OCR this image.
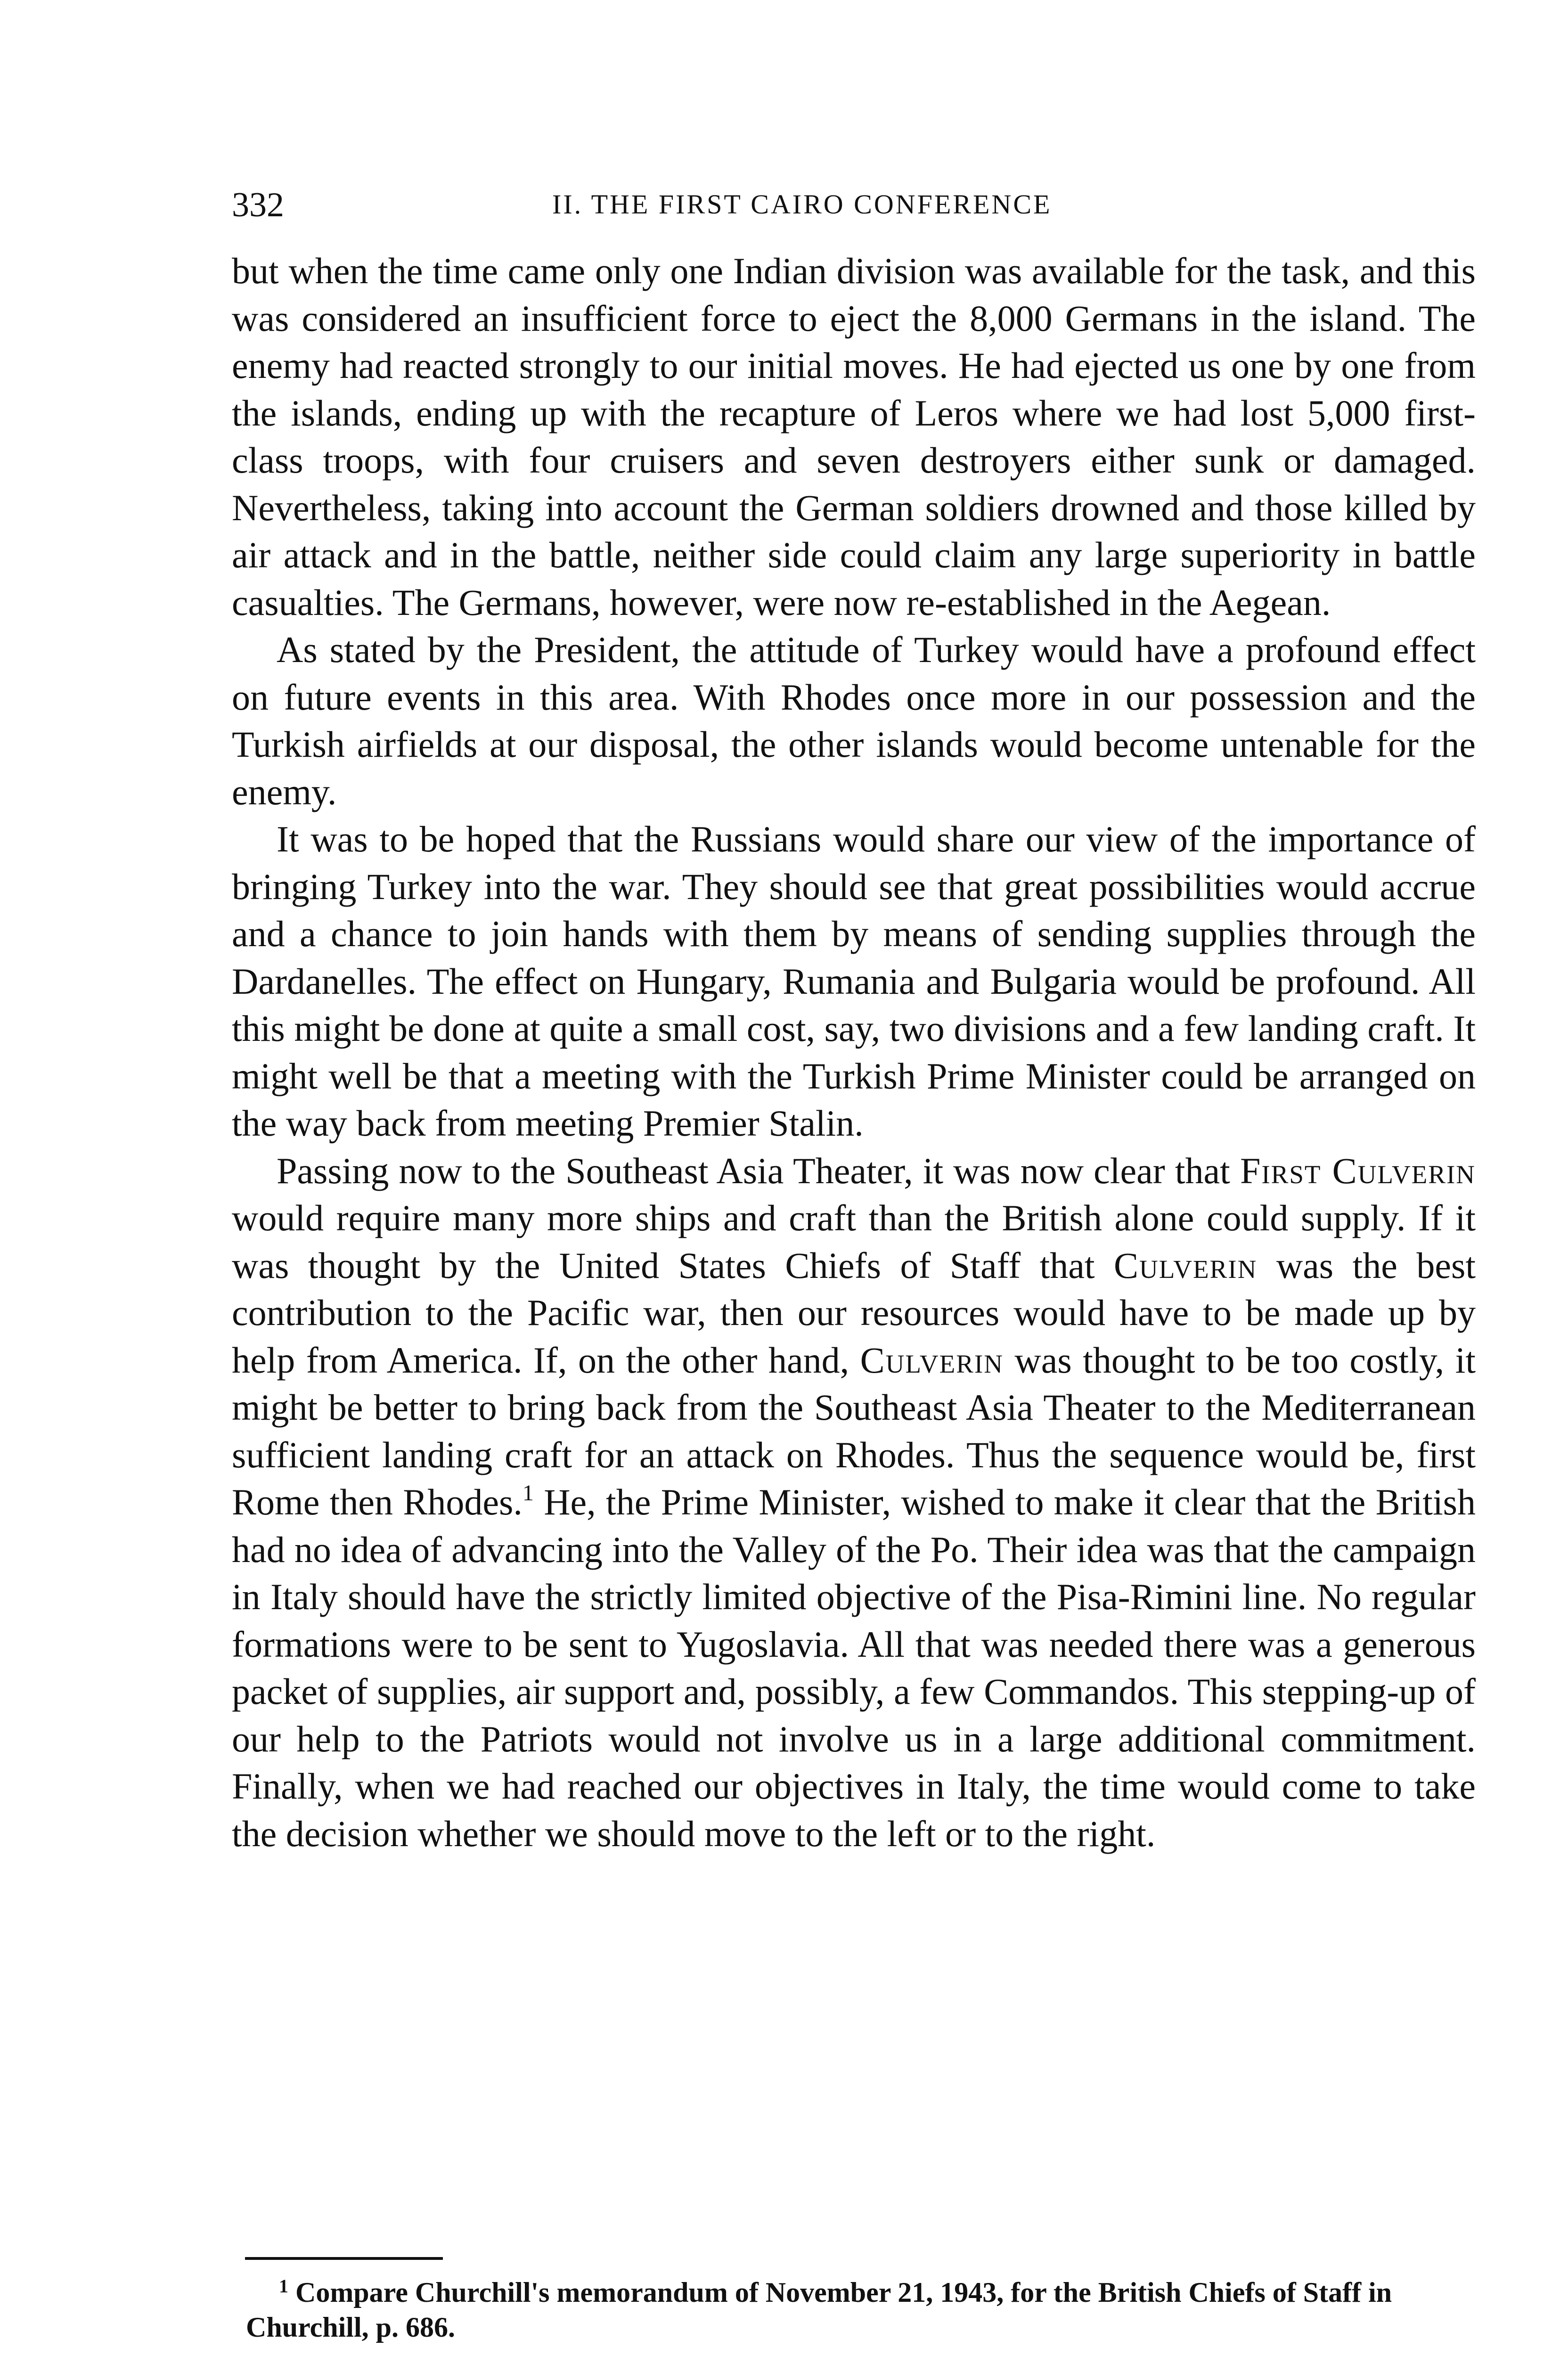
332	II. THE FIRST CAIRO CONFERENCE

but when the time came only one Indian division was available for the task, and this was considered an insufficient force to eject the 8,000 Germans in the island. The enemy had reacted strongly to our initial moves. He had ejected us one by one from the islands, ending up with the recapture of Leros where we had lost 5,000 first-class troops, with four cruisers and seven destroyers either sunk or damaged. Nevertheless, taking into account the German soldiers drowned and those killed by air attack and in the battle, neither side could claim any large superiority in battle casualties. The Germans, however, were now re-established in the Aegean.

As stated by the President, the attitude of Turkey would have a profound effect on future events in this area. With Rhodes once more in our possession and the Turkish airfields at our disposal, the other islands would become untenable for the enemy.

It was to be hoped that the Russians would share our view of the importance of bringing Turkey into the war. They should see that great possibilities would accrue and a chance to join hands with them by means of sending supplies through the Dardanelles. The effect on Hungary, Rumania and Bulgaria would be profound. All this might be done at quite a small cost, say, two divisions and a few landing craft. It might well be that a meeting with the Turkish Prime Minister could be arranged on the way back from meeting Premier Stalin.

Passing now to the Southeast Asia Theater, it was now clear that First Culverin would require many more ships and craft than the British alone could supply. If it was thought by the United States Chiefs of Staff that Culverin was the best contribution to the Pacific war, then our resources would have to be made up by help from America. If, on the other hand, Culverin was thought to be too costly, it might be better to bring back from the Southeast Asia Theater to the Mediterranean sufficient landing craft for an attack on Rhodes. Thus the sequence would be, first Rome then Rhodes.$^1$ He, the Prime Minister, wished to make it clear that the British had no idea of advancing into the Valley of the Po. Their idea was that the campaign in Italy should have the strictly limited objective of the Pisa-Rimini line. No regular formations were to be sent to Yugoslavia. All that was needed there was a generous packet of supplies, air support and, possibly, a few Commandos. This stepping-up of our help to the Patriots would not involve us in a large additional commitment. Finally, when we had reached our objectives in Italy, the time would come to take the decision whether we should move to the left or to the right.

$^1$ Compare Churchill's memorandum of November 21, 1943, for the British Chiefs of Staff in Churchill, p. 686.
